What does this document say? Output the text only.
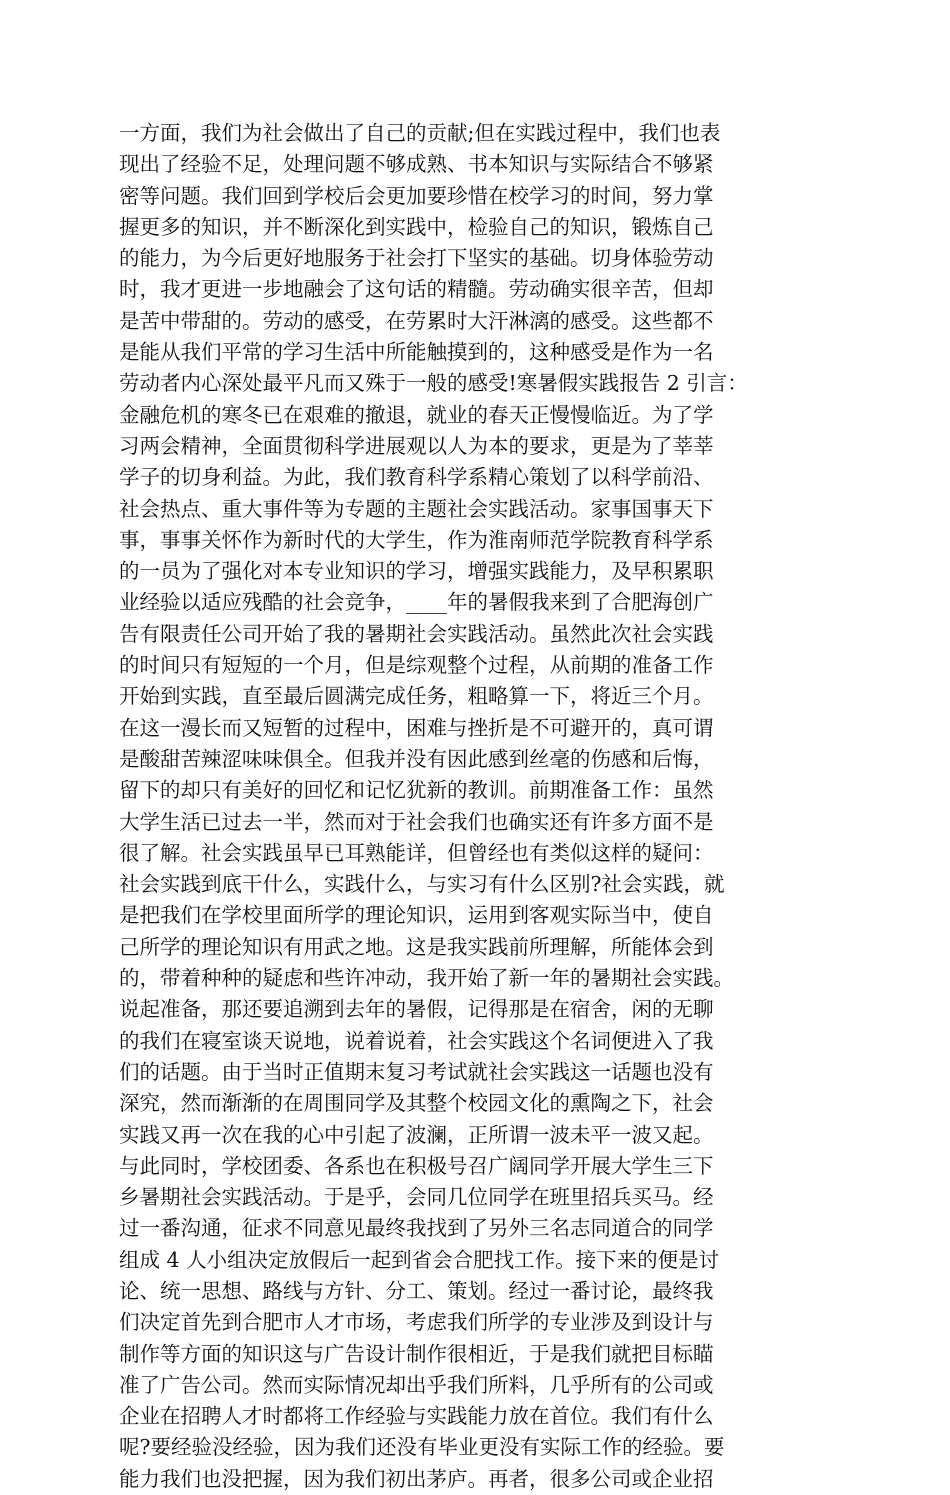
一方面，我们为社会做出了自己的贡献;但在实践过程中，我们也表
现出了经验不足，处理问题不够成熟、书本知识与实际结合不够紧
密等问题。我们回到学校后会更加要珍惜在校学习的时间，努力掌
握更多的知识，并不断深化到实践中，检验自己的知识，锻炼自己
的能力，为今后更好地服务于社会打下坚实的基础。切身体验劳动
时，我才更进一步地融会了这句话的精髓。劳动确实很辛苦，但却
是苦中带甜的。劳动的感受，在劳累时大汗淋漓的感受。这些都不
是能从我们平常的学习生活中所能触摸到的，这种感受是作为一名
劳动者内心深处最平凡而又殊于一般的感受!寒暑假实践报告 2 引言：
金融危机的寒冬已在艰难的撤退，就业的春天正慢慢临近。为了学
习两会精神，全面贯彻科学进展观以人为本的要求，更是为了莘莘
学子的切身利益。为此，我们教育科学系精心策划了以科学前沿、
社会热点、重大事件等为专题的主题社会实践活动。家事国事天下
事，事事关怀作为新时代的大学生，作为淮南师范学院教育科学系
的一员为了强化对本专业知识的学习，增强实践能力，及早积累职
业经验以适应残酷的社会竞争，____年的暑假我来到了合肥海创广
告有限责任公司开始了我的暑期社会实践活动。虽然此次社会实践
的时间只有短短的一个月，但是综观整个过程，从前期的准备工作
开始到实践，直至最后圆满完成任务，粗略算一下，将近三个月。
在这一漫长而又短暂的过程中，困难与挫折是不可避开的，真可谓
是酸甜苦辣涩味味俱全。但我并没有因此感到丝毫的伤感和后悔，
留下的却只有美好的回忆和记忆犹新的教训。前期准备工作：虽然
大学生活已过去一半，然而对于社会我们也确实还有许多方面不是
很了解。社会实践虽早已耳熟能详，但曾经也有类似这样的疑问：
社会实践到底干什么，实践什么，与实习有什么区别?社会实践，就
是把我们在学校里面所学的理论知识，运用到客观实际当中，使自
己所学的理论知识有用武之地。这是我实践前所理解，所能体会到
的，带着种种的疑虑和些许冲动，我开始了新一年的暑期社会实践。
说起准备，那还要追溯到去年的暑假，记得那是在宿舍，闲的无聊
的我们在寝室谈天说地，说着说着，社会实践这个名词便进入了我
们的话题。由于当时正值期末复习考试就社会实践这一话题也没有
深究，然而渐渐的在周围同学及其整个校园文化的熏陶之下，社会
实践又再一次在我的心中引起了波澜，正所谓一波未平一波又起。
与此同时，学校团委、各系也在积极号召广阔同学开展大学生三下
乡暑期社会实践活动。于是乎，会同几位同学在班里招兵买马。经
过一番沟通，征求不同意见最终我找到了另外三名志同道合的同学
组成 4 人小组决定放假后一起到省会合肥找工作。接下来的便是讨
论、统一思想、路线与方针、分工、策划。经过一番讨论，最终我
们决定首先到合肥市人才市场，考虑我们所学的专业涉及到设计与
制作等方面的知识这与广告设计制作很相近，于是我们就把目标瞄
准了广告公司。然而实际情况却出乎我们所料，几乎所有的公司或
企业在招聘人才时都将工作经验与实践能力放在首位。我们有什么
呢?要经验没经验，因为我们还没有毕业更没有实际工作的经验。要
能力我们也没把握，因为我们初出茅庐。再者，很多公司或企业招
